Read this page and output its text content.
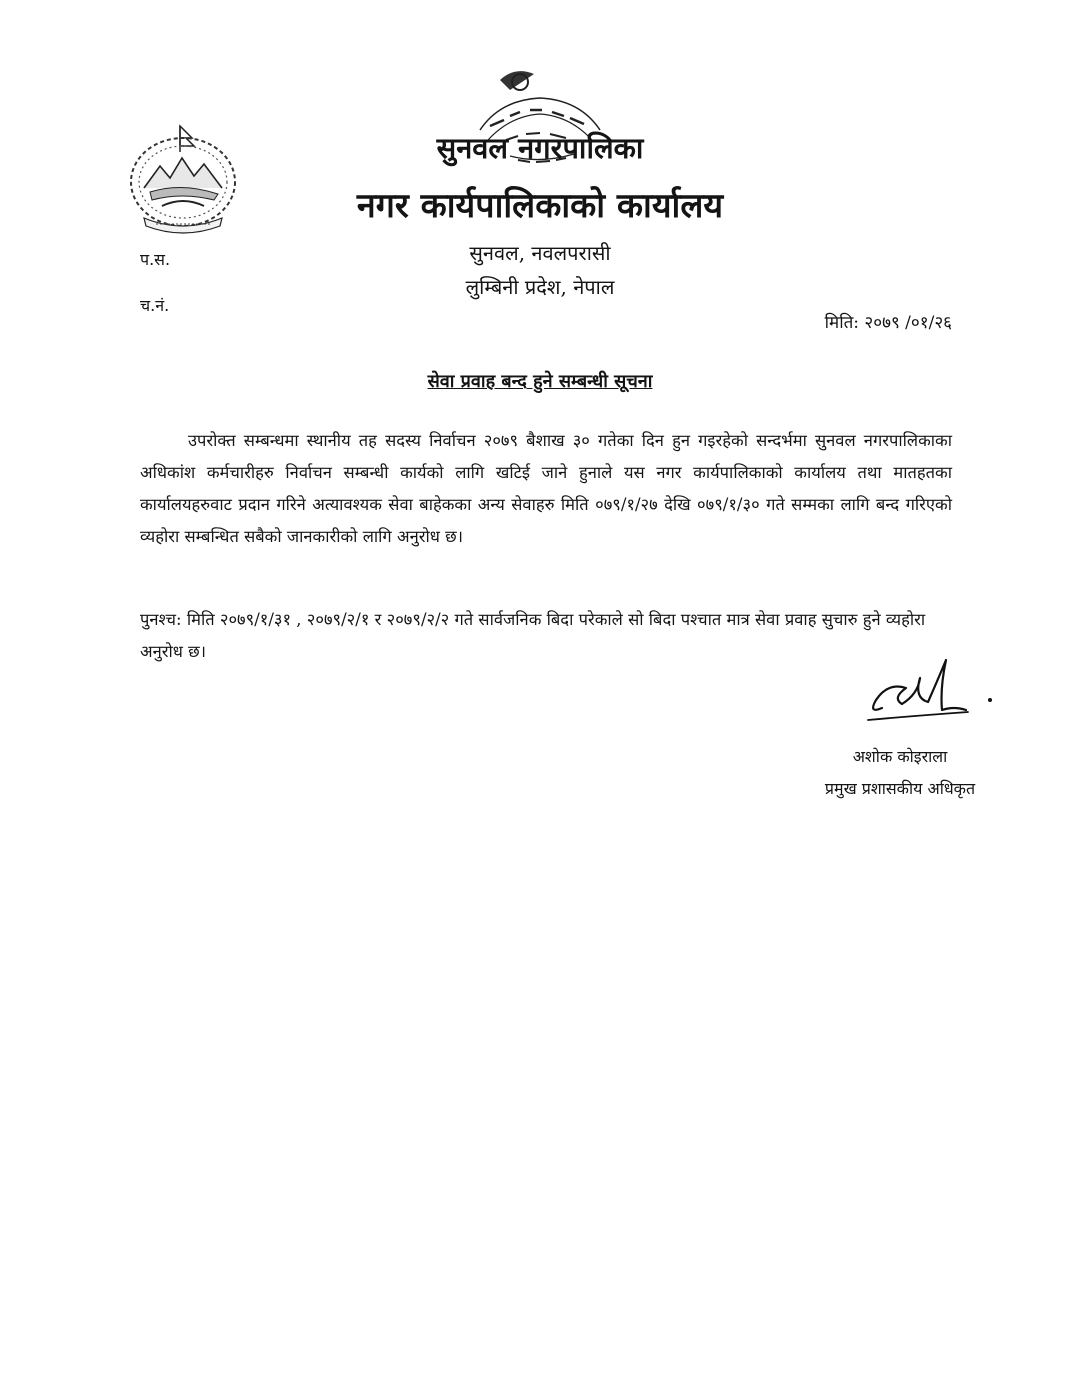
सुनवल नगरपालिका
नगर कार्यपालिकाको कार्यालय
सुनवल, नवलपरासी
लुम्बिनी प्रदेश, नेपाल
प.स.
च.नं.
मिति: २०७९ /०१/२६
सेवा प्रवाह बन्द हुने सम्बन्धी सूचना
उपरोक्त सम्बन्धमा स्थानीय तह सदस्य निर्वाचन २०७९ बैशाख ३० गतेका दिन हुन गइरहेको सन्दर्भमा सुनवल नगरपालिकाका अधिकांश कर्मचारीहरु निर्वाचन सम्बन्धी कार्यको लागि खटिई जाने हुनाले यस नगर कार्यपालिकाको कार्यालय तथा मातहतका कार्यालयहरुवाट प्रदान गरिने अत्यावश्यक सेवा बाहेकका अन्य सेवाहरु मिति ०७९/१/२७ देखि ०७९/१/३० गते सम्मका लागि बन्द गरिएको व्यहोरा सम्बन्धित सबैको जानकारीको लागि अनुरोध छ।
पुनश्च: मिति २०७९/१/३१ , २०७९/२/१ र २०७९/२/२ गते सार्वजनिक बिदा परेकाले सो बिदा पश्चात मात्र सेवा प्रवाह सुचारु हुने व्यहोरा अनुरोध छ।
अशोक कोइराला
प्रमुख प्रशासकीय अधिकृत
